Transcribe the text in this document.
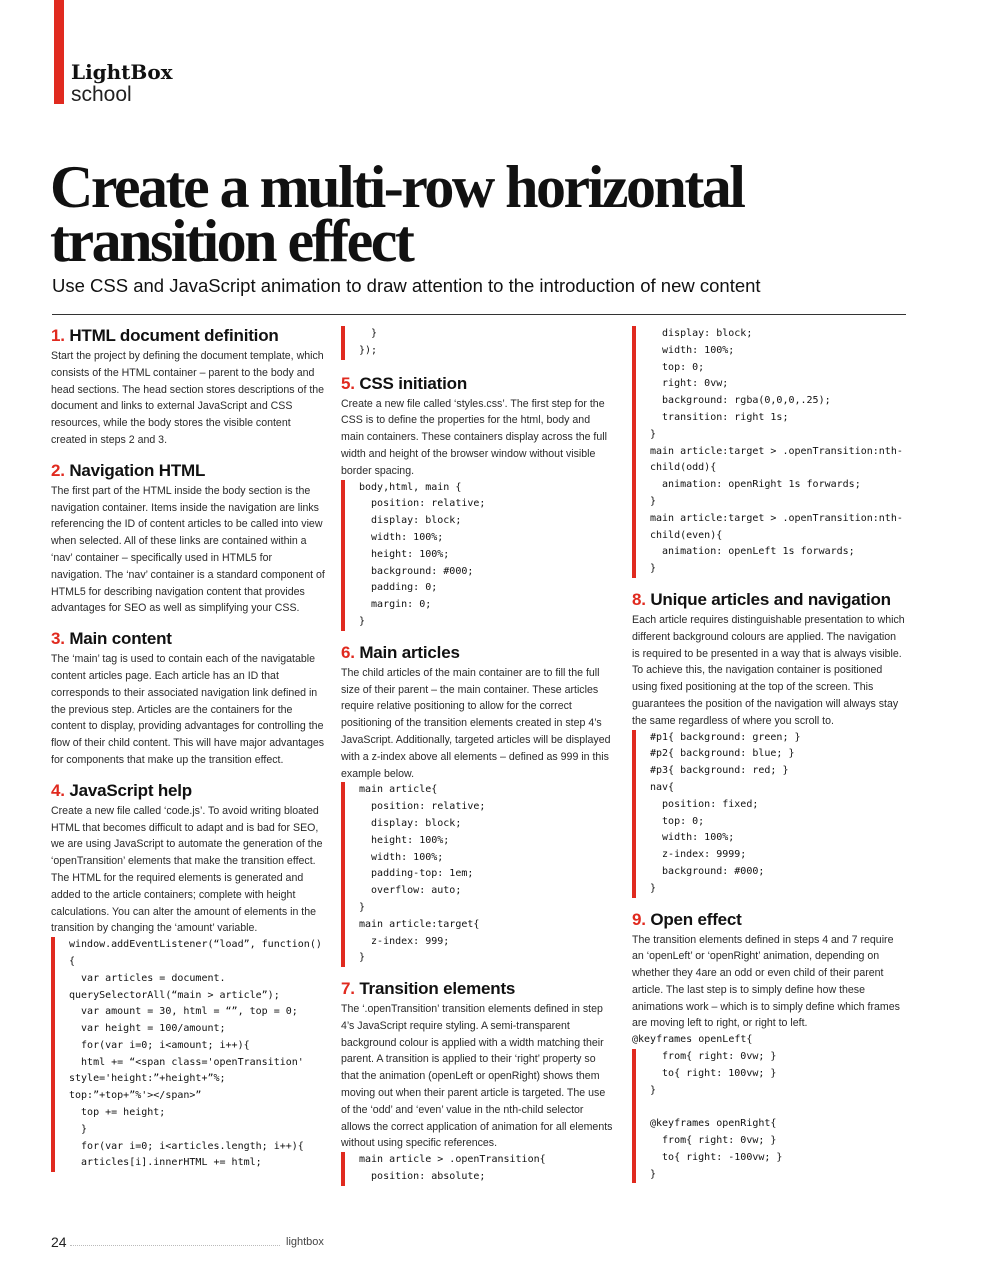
LightBox
school
Create a multi-row horizontal transition effect
Use CSS and JavaScript animation to draw attention to the introduction of new content
1. HTML document definition

Start the project by defining the document template, which consists of the HTML container – parent to the body and head sections. The head section stores descriptions of the document and links to external JavaScript and CSS resources, while the body stores the visible content created in steps 2 and 3.

2. Navigation HTML

The first part of the HTML inside the body section is the navigation container. Items inside the navigation are links referencing the ID of content articles to be called into view when selected. All of these links are contained within a ‘nav’ container – specifically used in HTML5 for navigation. The ‘nav’ container is a standard component of HTML5 for describing navigation content that provides advantages for SEO as well as simplifying your CSS.

3. Main content

The ‘main’ tag is used to contain each of the navigatable content articles page. Each article has an ID that corresponds to their associated navigation link defined in the previous step. Articles are the containers for the content to display, providing advantages for controlling the flow of their child content. This will have major advantages for components that make up the transition effect.

4. JavaScript help

Create a new file called ‘code.js’. To avoid writing bloated HTML that becomes difficult to adapt and is bad for SEO, we are using JavaScript to automate the generation of the ‘openTransition’ elements that make the transition effect. The HTML for the required elements is generated and added to the article containers; complete with height calculations. You can alter the amount of elements in the transition by changing the ‘amount’ variable.

window.addEventListener(“load”, function()
{
var articles = document.
querySelectorAll(“main > article”);
var amount = 30, html = “”, top = 0;
var height = 100/amount;
for(var i=0; i<amount; i++){
html += “<span class='openTransition'
style='height:”+height+”%;
top:”+top+”%'></span>”
top += height;
}
for(var i=0; i<articles.length; i++){
articles[i].innerHTML += html;
}
});
5. CSS initiation

Create a new file called ‘styles.css’. The first step for the CSS is to define the properties for the html, body and main containers. These containers display across the full width and height of the browser window without visible border spacing.

body,html, main {
position: relative;
display: block;
width: 100%;
height: 100%;
background: #000;
padding: 0;
margin: 0;
}
6. Main articles

The child articles of the main container are to fill the full size of their parent – the main container. These articles require relative positioning to allow for the correct positioning of the transition elements created in step 4’s JavaScript. Additionally, targeted articles will be displayed with a z-index above all elements – defined as 999 in this example below.

main article{
position: relative;
display: block;
height: 100%;
width: 100%;
padding-top: 1em;
overflow: auto;
}
main article:target{
z-index: 999;
}
7. Transition elements

The ‘.openTransition’ transition elements defined in step 4’s JavaScript require styling. A semi-transparent background colour is applied with a width matching their parent. A transition is applied to their ‘right’ property so that the animation (openLeft or openRight) shows them moving out when their parent article is targeted. The use of the ‘odd’ and ‘even’ value in the nth-child selector allows the correct application of animation for all elements without using specific references.

main article > .openTransition{
position: absolute;
display: block;
width: 100%;
top: 0;
right: 0vw;
background: rgba(0,0,0,.25);
transition: right 1s;
}
main article:target > .openTransition:nth-
child(odd){
animation: openRight 1s forwards;
}
main article:target > .openTransition:nth-
child(even){
animation: openLeft 1s forwards;
}
8. Unique articles and navigation

Each article requires distinguishable presentation to which different background colours are applied. The navigation is required to be presented in a way that is always visible. To achieve this, the navigation container is positioned using fixed positioning at the top of the screen. This guarantees the position of the navigation will always stay the same regardless of where you scroll to.

#p1{ background: green; }
#p2{ background: blue; }
#p3{ background: red; }
nav{
position: fixed;
top: 0;
width: 100%;
z-index: 9999;
background: #000;
}
9. Open effect

The transition elements defined in steps 4 and 7 require an ‘openLeft’ or ‘openRight’ animation, depending on whether they 4are an odd or even child of their parent article. The last step is to simply define how these animations work – which is to simply define which frames are moving left to right, or right to left.

@keyframes openLeft{
from{ right: 0vw; }
to{ right: 100vw; }
}
@keyframes openRight{
from{ right: 0vw; }
to{ right: -100vw; }
}
24	lightbox
